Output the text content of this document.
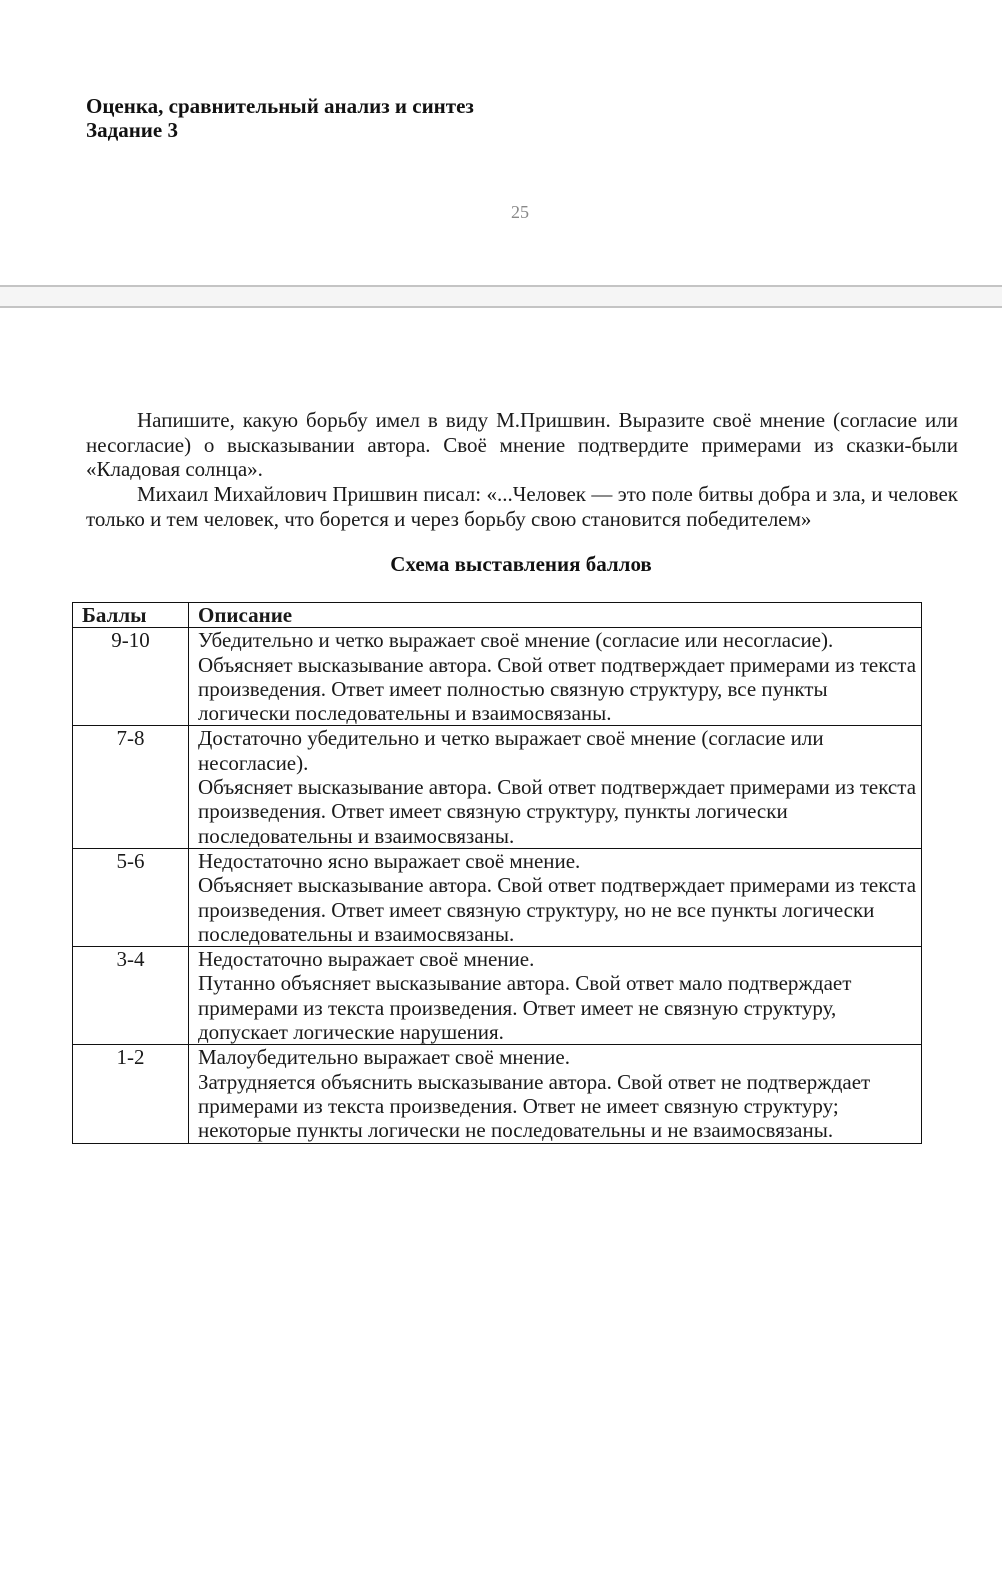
Оценка, сравнительный анализ и синтез
Задание 3
25
Напишите, какую борьбу имел в виду М.Пришвин. Выразите своё мнение (согласие или несогласие) о высказывании автора. Своё мнение подтвердите примерами из сказки-были «Кладовая солнца».
Михаил Михайлович Пришвин писал: «...Человек — это поле битвы добра и зла, и человек только и тем человек, что борется и через борьбу свою становится победителем»
Схема выставления баллов
Баллы	Описание
9-10	Убедительно и четко выражает своё мнение (согласие или несогласие).
Объясняет высказывание автора. Свой ответ подтверждает примерами из текста произведения. Ответ имеет полностью связную структуру, все пункты логически последовательны и взаимосвязаны.

7-8	Достаточно убедительно и четко выражает своё мнение (согласие или несогласие).
Объясняет высказывание автора. Свой ответ подтверждает примерами из текста произведения. Ответ имеет связную структуру, пункты логически последовательны и взаимосвязаны.

5-6	Недостаточно ясно выражает своё мнение.
Объясняет высказывание автора. Свой ответ подтверждает примерами из текста произведения. Ответ имеет связную структуру, но не все пункты логически последовательны и взаимосвязаны.

3-4	Недостаточно выражает своё мнение.
Путанно объясняет высказывание автора. Свой ответ мало подтверждает примерами из текста произведения. Ответ имеет не связную структуру, допускает логические нарушения.

1-2	Малоубедительно выражает своё мнение.
Затрудняется объяснить высказывание автора. Свой ответ не подтверждает примерами из текста произведения. Ответ не имеет связную структуру; некоторые пункты логически не последовательны и не взаимосвязаны.
